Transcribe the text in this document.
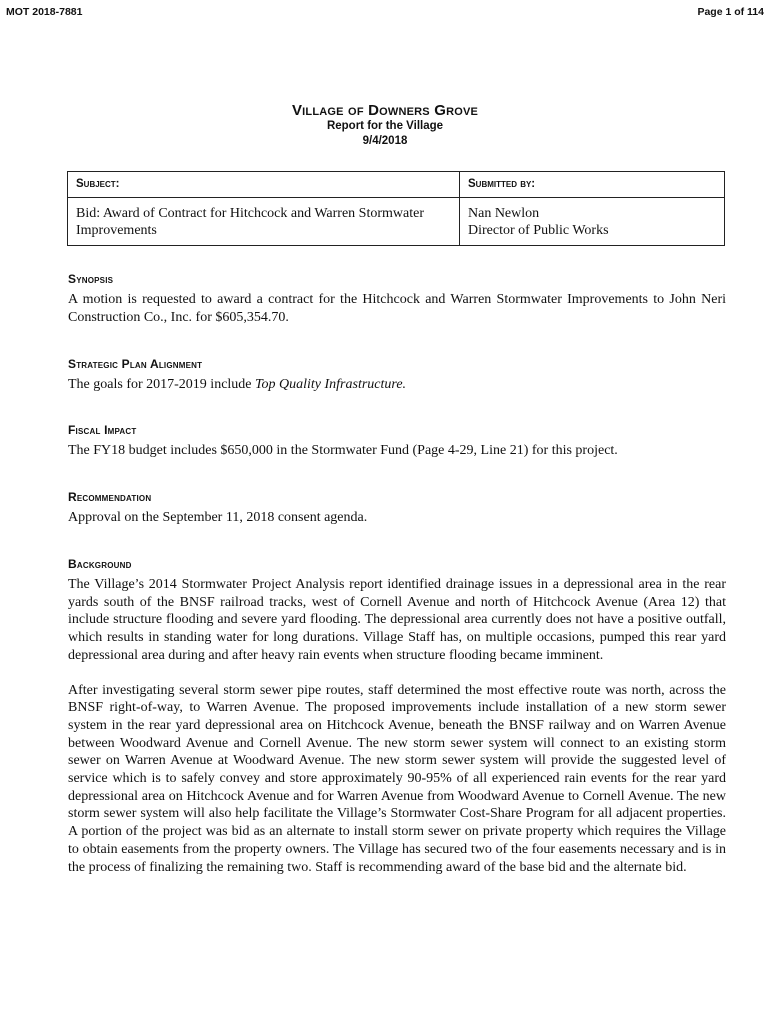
MOT 2018-7881	Page 1 of 114
Village of Downers Grove
Report for the Village
9/4/2018
Subject:	Submitted by:
Bid: Award of Contract for Hitchcock and Warren Stormwater Improvements	Nan Newlon
Director of Public Works
Synopsis

A motion is requested to award a contract for the Hitchcock and Warren Stormwater Improvements to John Neri Construction Co., Inc. for $605,354.70.

Strategic Plan Alignment

The goals for 2017-2019 include Top Quality Infrastructure.

Fiscal Impact

The FY18 budget includes $650,000 in the Stormwater Fund (Page 4-29, Line 21) for this project.

Recommendation

Approval on the September 11, 2018 consent agenda.

Background

The Village’s 2014 Stormwater Project Analysis report identified drainage issues in a depressional area in the rear yards south of the BNSF railroad tracks, west of Cornell Avenue and north of Hitchcock Avenue (Area 12) that include structure flooding and severe yard flooding. The depressional area currently does not have a positive outfall, which results in standing water for long durations. Village Staff has, on multiple occasions, pumped this rear yard depressional area during and after heavy rain events when structure flooding became imminent.

After investigating several storm sewer pipe routes, staff determined the most effective route was north, across the BNSF right-of-way, to Warren Avenue. The proposed improvements include installation of a new storm sewer system in the rear yard depressional area on Hitchcock Avenue, beneath the BNSF railway and on Warren Avenue between Woodward Avenue and Cornell Avenue. The new storm sewer system will connect to an existing storm sewer on Warren Avenue at Woodward Avenue. The new storm sewer system will provide the suggested level of service which is to safely convey and store approximately 90-95% of all experienced rain events for the rear yard depressional area on Hitchcock Avenue and for Warren Avenue from Woodward Avenue to Cornell Avenue. The new storm sewer system will also help facilitate the Village’s Stormwater Cost-Share Program for all adjacent properties. A portion of the project was bid as an alternate to install storm sewer on private property which requires the Village to obtain easements from the property owners. The Village has secured two of the four easements necessary and is in the process of finalizing the remaining two. Staff is recommending award of the base bid and the alternate bid.
